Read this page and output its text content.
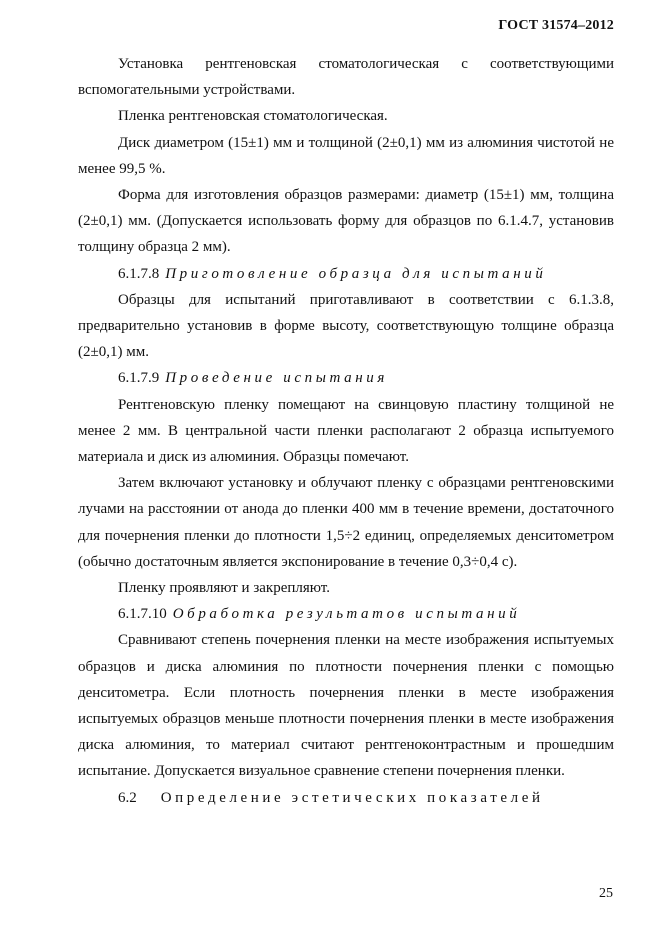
ГОСТ 31574–2012

Установка рентгеновская стоматологическая с соответствующими вспомогательными устройствами.

Пленка рентгеновская стоматологическая.

Диск диаметром (15±1) мм и толщиной (2±0,1) мм из алюминия чистотой не менее 99,5 %.

Форма для изготовления образцов размерами: диаметр (15±1) мм, толщина (2±0,1) мм. (Допускается использовать форму для образцов по 6.1.4.7, установив толщину образца 2 мм).

6.1.7.8 Приготовление образца для испытаний

Образцы для испытаний приготавливают в соответствии с 6.1.3.8, предварительно установив в форме высоту, соответствующую толщине образца (2±0,1) мм.

6.1.7.9 Проведение испытания

Рентгеновскую пленку помещают на свинцовую пластину толщиной не менее 2 мм. В центральной части пленки располагают 2 образца испытуемого материала и диск из алюминия. Образцы помечают.

Затем включают установку и облучают пленку с образцами рентгеновскими лучами на расстоянии от анода до пленки 400 мм в течение времени, достаточного для почернения пленки до плотности 1,5÷2 единиц, определяемых денситометром (обычно достаточным является экспонирование в течение 0,3÷0,4 с).

Пленку проявляют и закрепляют.

6.1.7.10 Обработка результатов испытаний

Сравнивают степень почернения пленки на месте изображения испытуемых образцов и диска алюминия по плотности почернения пленки с помощью денситометра. Если плотность почернения пленки в месте изображения испытуемых образцов меньше плотности почернения пленки в месте изображения диска алюминия, то материал считают рентгеноконтрастным и прошедшим испытание. Допускается визуальное сравнение степени почернения пленки.

6.2 Определение эстетических показателей

25
